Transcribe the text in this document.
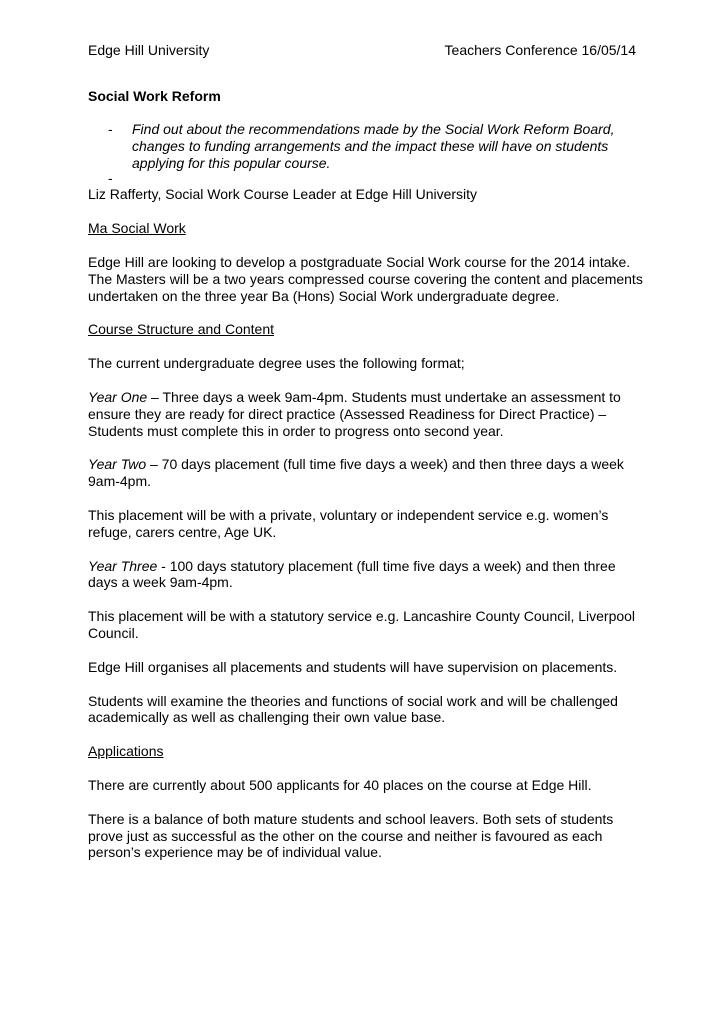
Edge Hill University	Teachers Conference 16/05/14

Social Work Reform

- Find out about the recommendations made by the Social Work Reform Board, changes to funding arrangements and the impact these will have on students applying for this popular course.
-

Liz Rafferty, Social Work Course Leader at Edge Hill University

Ma Social Work

Edge Hill are looking to develop a postgraduate Social Work course for the 2014 intake. The Masters will be a two years compressed course covering the content and placements undertaken on the three year Ba (Hons) Social Work undergraduate degree.

Course Structure and Content

The current undergraduate degree uses the following format;

Year One – Three days a week 9am-4pm. Students must undertake an assessment to ensure they are ready for direct practice (Assessed Readiness for Direct Practice) – Students must complete this in order to progress onto second year.

Year Two – 70 days placement (full time five days a week) and then three days a week 9am-4pm.

This placement will be with a private, voluntary or independent service e.g. women’s refuge, carers centre, Age UK.

Year Three - 100 days statutory placement (full time five days a week) and then three days a week 9am-4pm.

This placement will be with a statutory service e.g. Lancashire County Council, Liverpool Council.

Edge Hill organises all placements and students will have supervision on placements.

Students will examine the theories and functions of social work and will be challenged academically as well as challenging their own value base.

Applications

There are currently about 500 applicants for 40 places on the course at Edge Hill.

There is a balance of both mature students and school leavers. Both sets of students prove just as successful as the other on the course and neither is favoured as each person’s experience may be of individual value.
